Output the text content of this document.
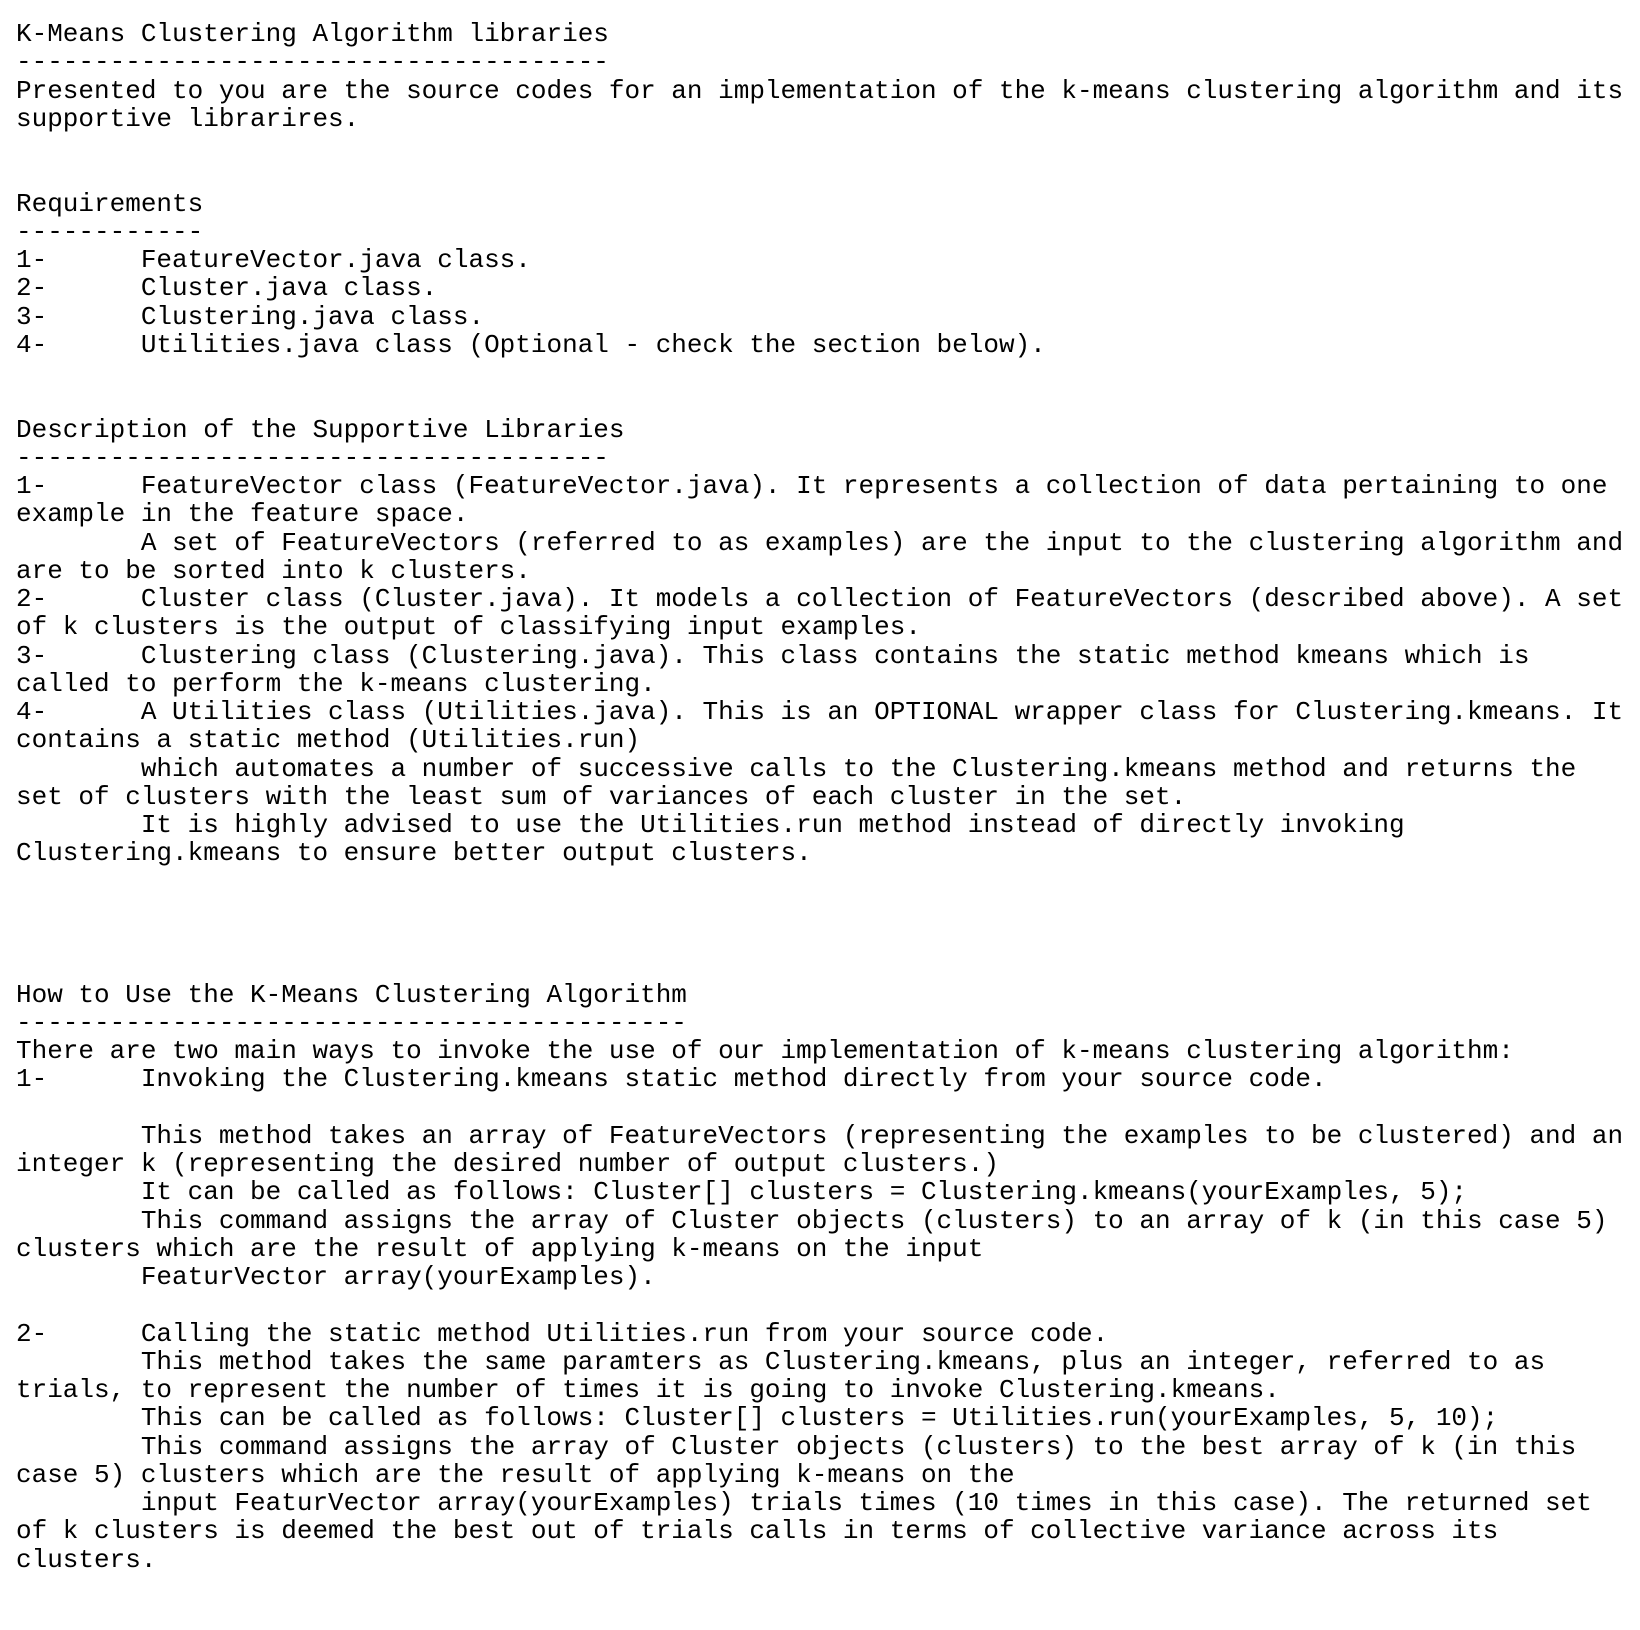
K-Means Clustering Algorithm libraries
--------------------------------------
Presented to you are the source codes for an implementation of the k-means clustering algorithm and its
supportive librarires.
Requirements
------------
1-      FeatureVector.java class.
2-      Cluster.java class.
3-      Clustering.java class.
4-      Utilities.java class (Optional - check the section below).
Description of the Supportive Libraries
--------------------------------------
1-      FeatureVector class (FeatureVector.java). It represents a collection of data pertaining to one
example in the feature space.
A set of FeatureVectors (referred to as examples) are the input to the clustering algorithm and
are to be sorted into k clusters.
2-      Cluster class (Cluster.java). It models a collection of FeatureVectors (described above). A set
of k clusters is the output of classifying input examples.
3-      Clustering class (Clustering.java). This class contains the static method kmeans which is
called to perform the k-means clustering.
4-      A Utilities class (Utilities.java). This is an OPTIONAL wrapper class for Clustering.kmeans. It
contains a static method (Utilities.run)
which automates a number of successive calls to the Clustering.kmeans method and returns the
set of clusters with the least sum of variances of each cluster in the set.
It is highly advised to use the Utilities.run method instead of directly invoking
Clustering.kmeans to ensure better output clusters.
How to Use the K-Means Clustering Algorithm
-------------------------------------------
There are two main ways to invoke the use of our implementation of k-means clustering algorithm:
1-      Invoking the Clustering.kmeans static method directly from your source code.
This method takes an array of FeatureVectors (representing the examples to be clustered) and an
integer k (representing the desired number of output clusters.)
It can be called as follows: Cluster[] clusters = Clustering.kmeans(yourExamples, 5);
This command assigns the array of Cluster objects (clusters) to an array of k (in this case 5)
clusters which are the result of applying k-means on the input
FeaturVector array(yourExamples).
2-      Calling the static method Utilities.run from your source code.
This method takes the same paramters as Clustering.kmeans, plus an integer, referred to as
trials, to represent the number of times it is going to invoke Clustering.kmeans.
This can be called as follows: Cluster[] clusters = Utilities.run(yourExamples, 5, 10);
This command assigns the array of Cluster objects (clusters) to the best array of k (in this
case 5) clusters which are the result of applying k-means on the
input FeaturVector array(yourExamples) trials times (10 times in this case). The returned set
of k clusters is deemed the best out of trials calls in terms of collective variance across its
clusters.
